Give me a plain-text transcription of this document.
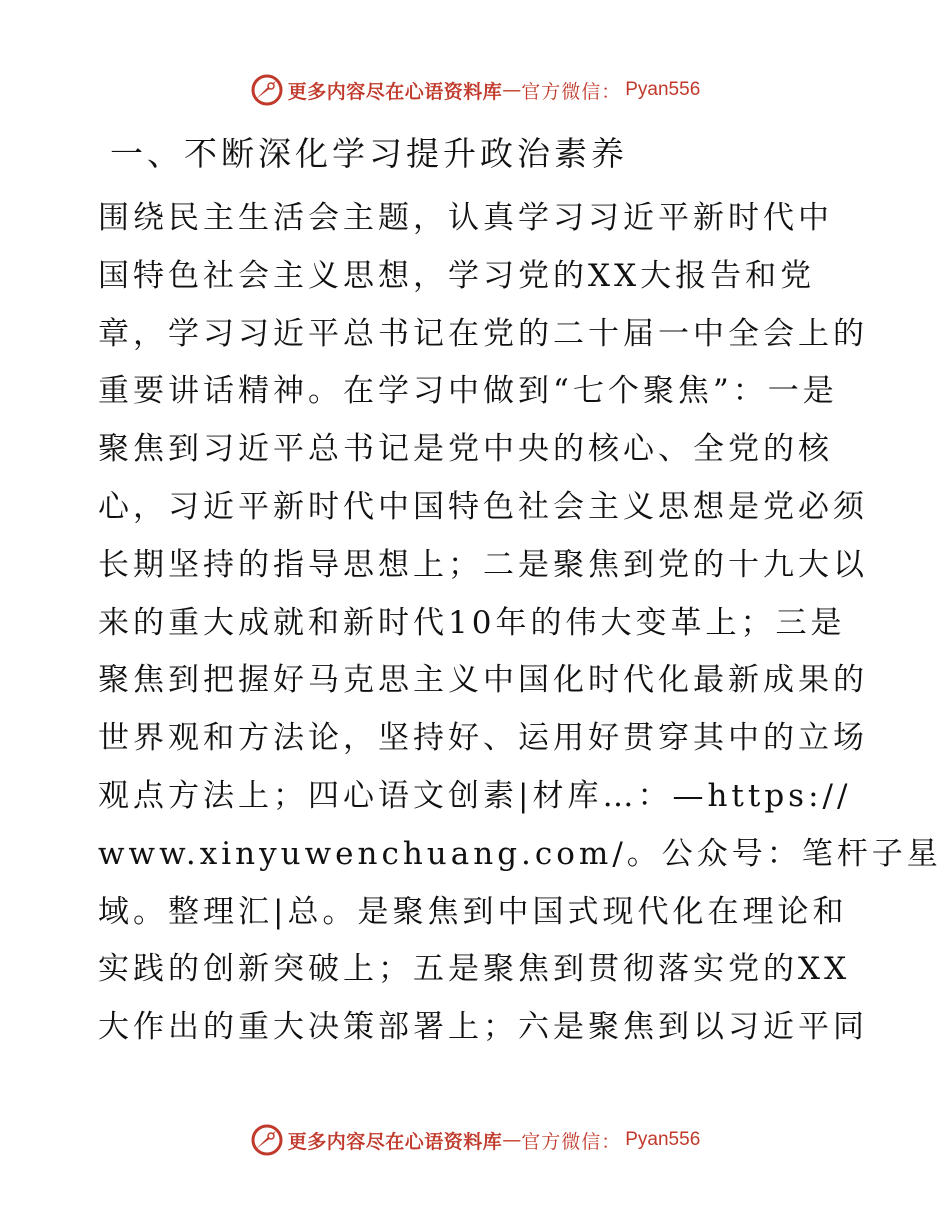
更多内容尽在心语资料库 — 官方微信： Pyan556
一、不断深化学习提升政治素养
围绕民主生活会主题，认真学习习近平新时代中
国特色社会主义思想，学习党的XX大报告和党
章，学习习近平总书记在党的二十届一中全会上的
重要讲话精神。在学习中做到“七个聚焦”：一是
聚焦到习近平总书记是党中央的核心、全党的核
心，习近平新时代中国特色社会主义思想是党必须
长期坚持的指导思想上；二是聚焦到党的十九大以
来的重大成就和新时代10年的伟大变革上；三是
聚焦到把握好马克思主义中国化时代化最新成果的
世界观和方法论，坚持好、运用好贯穿其中的立场
观点方法上；四心语文创素|材库…：—https://
www.xinyuwenchuang.com/。公众号：笔杆子星
域。整理汇|总。是聚焦到中国式现代化在理论和
实践的创新突破上；五是聚焦到贯彻落实党的XX
大作出的重大决策部署上；六是聚焦到以习近平同
更多内容尽在心语资料库 — 官方微信： Pyan556
